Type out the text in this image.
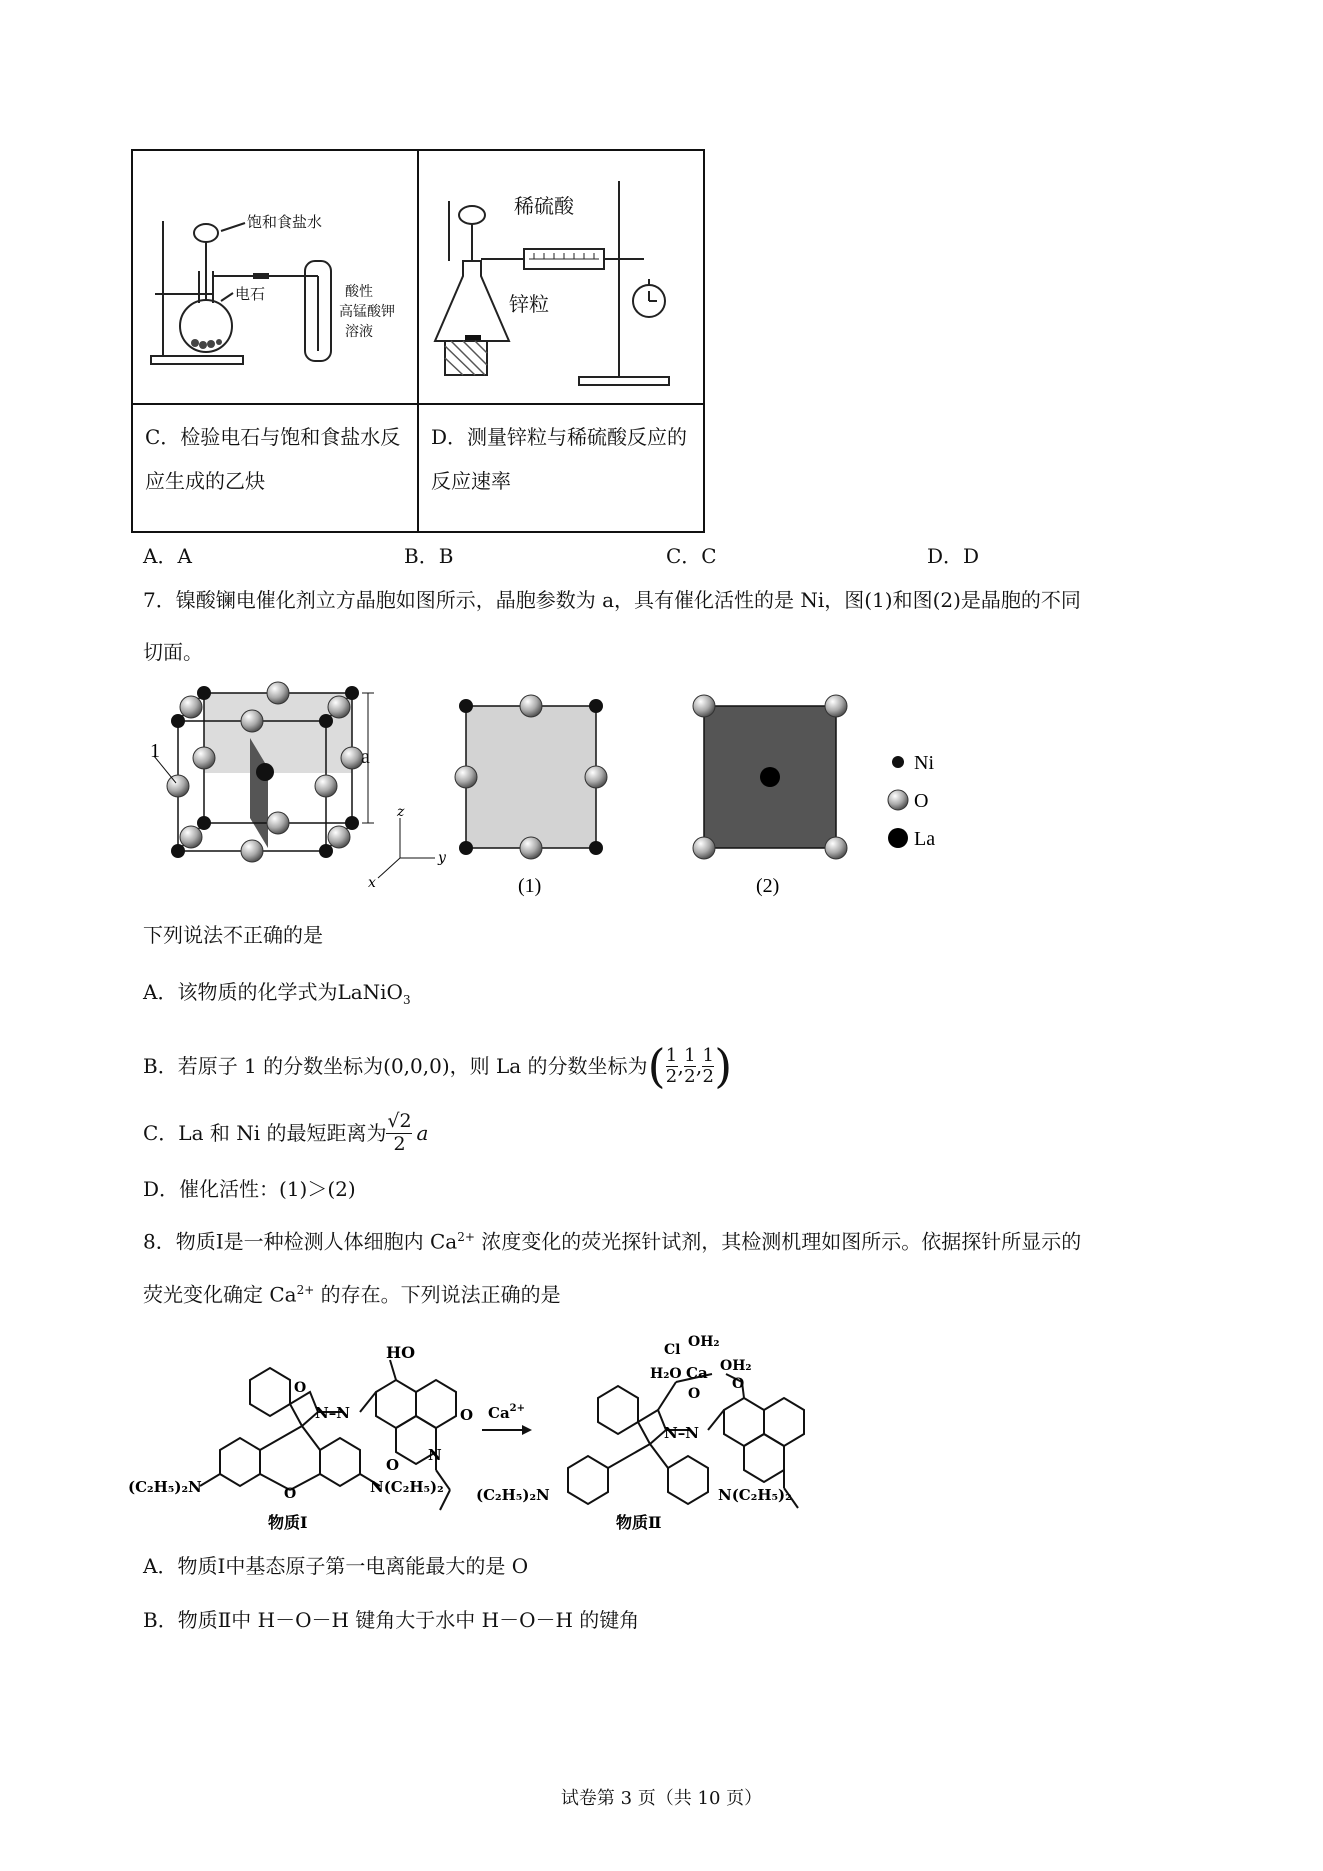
饱和食盐水
电石 酸性
高锰酸钾
溶液	稀硫酸
锌粒

C．检验电石与饱和食盐水反应生成的乙炔	D．测量锌粒与稀硫酸反应的反应速率
A．A	B．B	C．C	D．D
7．镍酸镧电催化剂立方晶胞如图所示，晶胞参数为 a，具有催化活性的是 Ni，图(1)和图(2)是晶胞的不同
切面。
1	a
z
y
x	(1)	(2)
Ni
O
La
下列说法不正确的是
A．该物质的化学式为LaNiO$_3$
B．若原子 1 的分数坐标为 (0,0,0) ，则 La 的分数坐标为 ( 1
2 , 1
2 , 1
2 )
C．La 和 Ni 的最短距离为
√2
2 a
D．催化活性：(1)＞(2)
8．物质Ⅰ是一种检测人体细胞内 $Ca^{2+}$ 浓度变化的荧光探针试剂，其检测机理如图所示。依据探针所显示的
荧光变化确定 $Ca^{2+}$ 的存在。下列说法正确的是
HO
O
N–N
O
O
N
O
(C₂H₅)₂N	N(C₂H₅)₂
物质Ⅰ
$Ca^{2+}$
OH₂
Cl
H₂O Ca OH₂
O
O
N–N
(C₂H₅)₂N	N(C₂H₅)₂
物质Ⅱ
A．物质Ⅰ中基态原子第一电离能最大的是 O
B．物质Ⅱ中 H－O－H 键角大于水中 H－O－H 的键角
试卷第 3 页（共 10 页）
